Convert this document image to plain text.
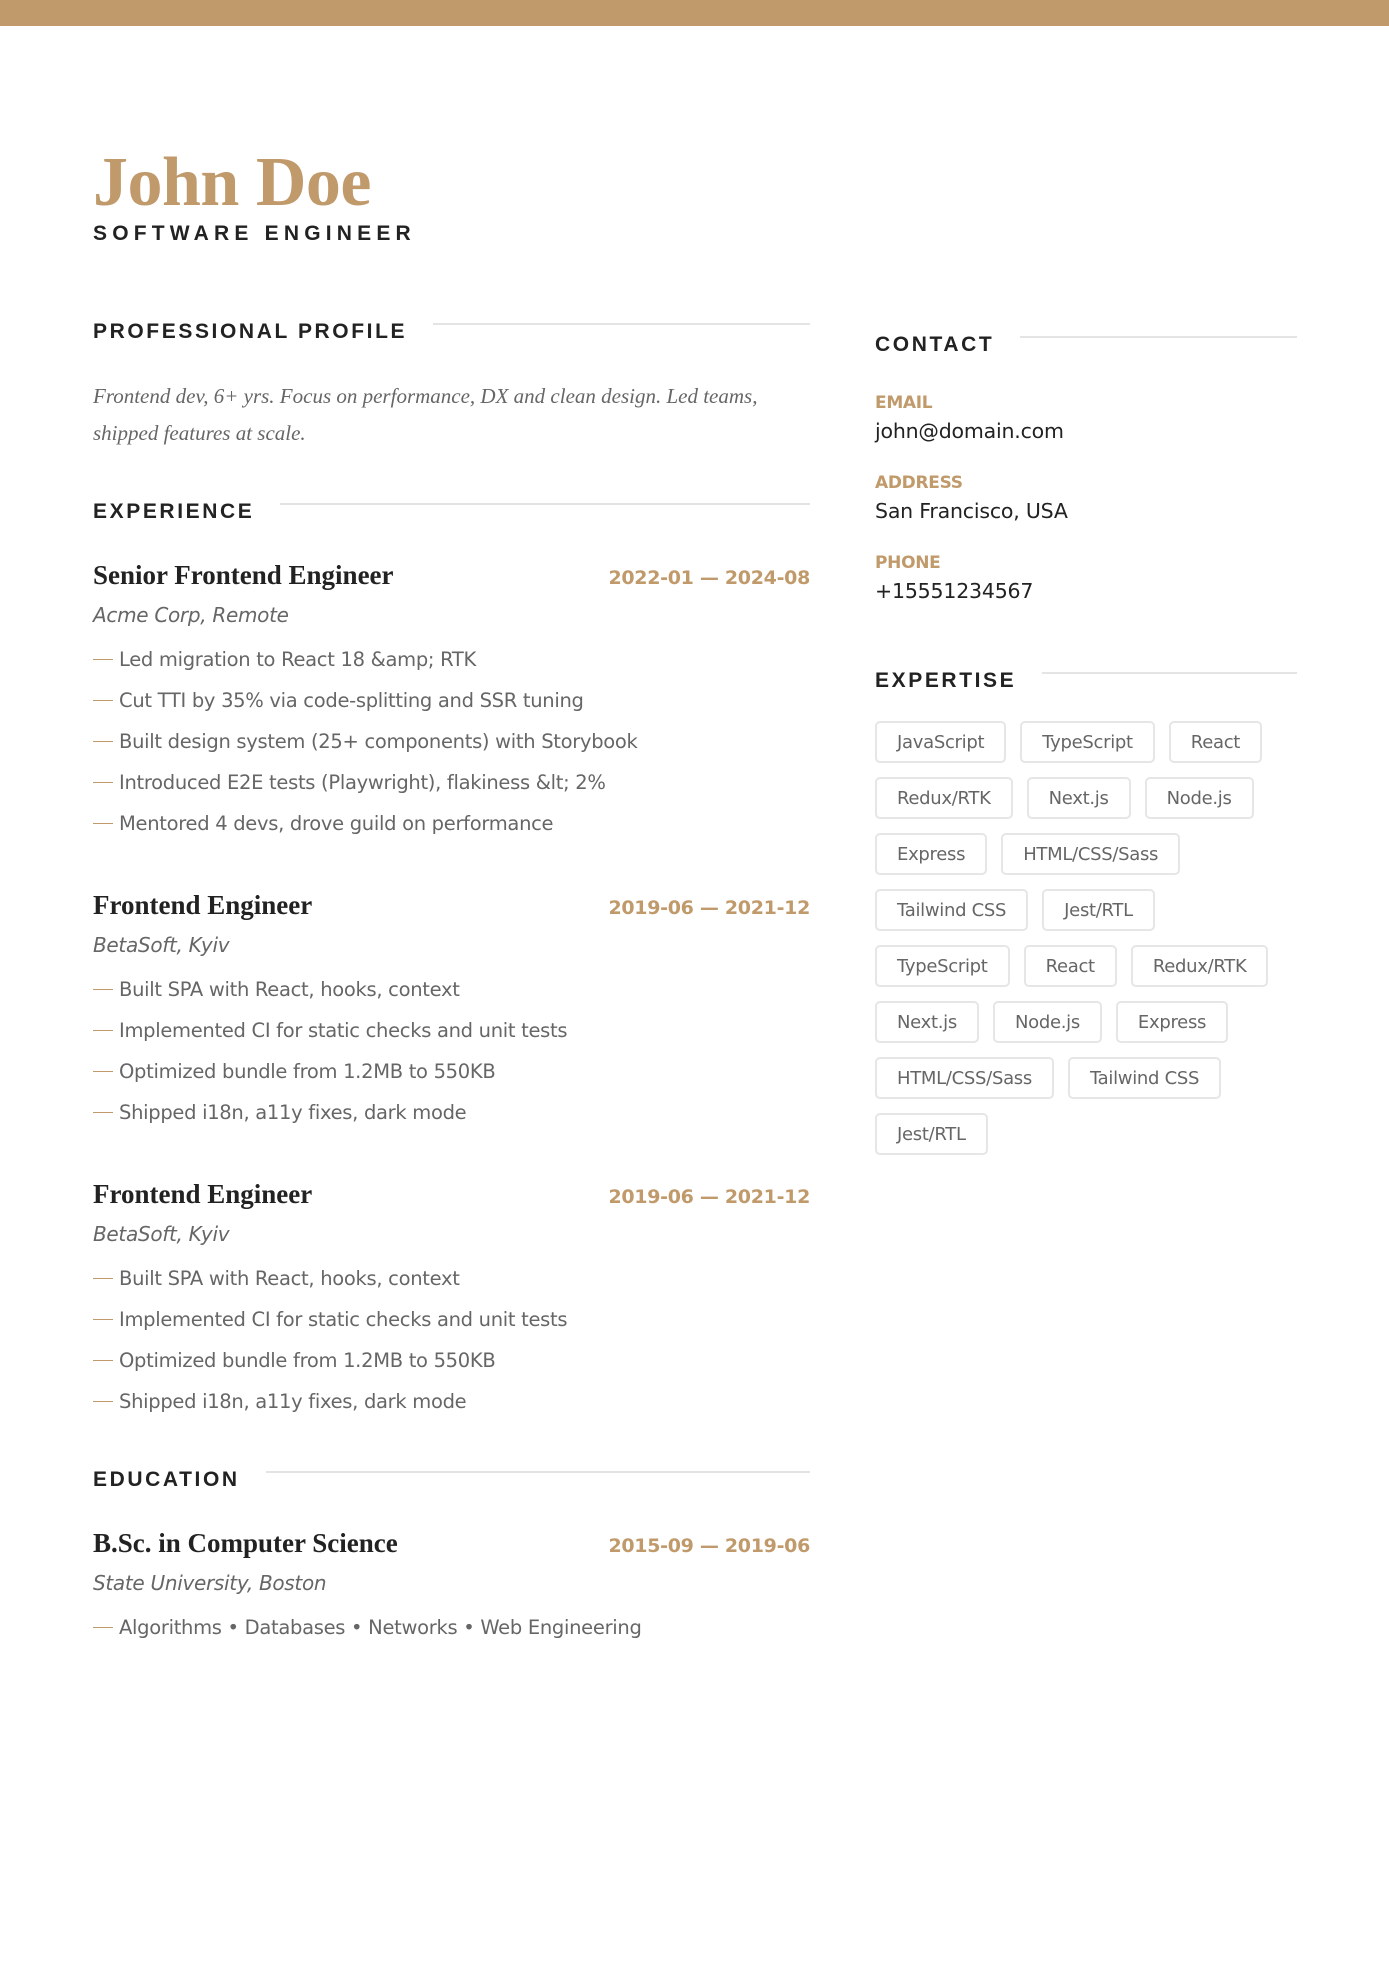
John Doe
SOFTWARE ENGINEER
PROFESSIONAL PROFILE

Frontend dev, 6+ yrs. Focus on performance, DX and clean design. Led teams, shipped features at scale.

EXPERIENCE
Senior Frontend Engineer	2022-01 — 2024-08
Acme Corp, Remote
Led migration to React 18 &amp; RTK
Cut TTI by 35% via code-splitting and SSR tuning
Built design system (25+ components) with Storybook
Introduced E2E tests (Playwright), flakiness &lt; 2%
Mentored 4 devs, drove guild on performance
Frontend Engineer	2019-06 — 2021-12
BetaSoft, Kyiv
Built SPA with React, hooks, context
Implemented CI for static checks and unit tests
Optimized bundle from 1.2MB to 550KB
Shipped i18n, a11y fixes, dark mode
Frontend Engineer	2019-06 — 2021-12
BetaSoft, Kyiv
Built SPA with React, hooks, context
Implemented CI for static checks and unit tests
Optimized bundle from 1.2MB to 550KB
Shipped i18n, a11y fixes, dark mode
EDUCATION
B.Sc. in Computer Science	2015-09 — 2019-06
State University, Boston
Algorithms • Databases • Networks • Web Engineering
CONTACT
EMAIL
john@domain.com
ADDRESS
San Francisco, USA
PHONE
+15551234567
EXPERTISE
JavaScript	TypeScript	React
Redux/RTK	Next.js	Node.js
Express	HTML/CSS/Sass
Tailwind CSS	Jest/RTL
TypeScript	React	Redux/RTK
Next.js	Node.js	Express
HTML/CSS/Sass	Tailwind CSS
Jest/RTL
